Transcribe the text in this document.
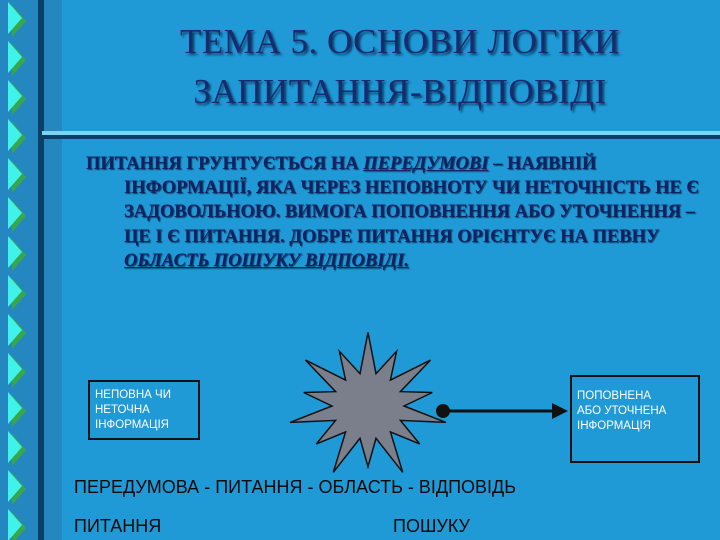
ТЕМА 5. ОСНОВИ ЛОГІКИ
ЗАПИТАННЯ-ВІДПОВІДІ
ПИТАННЯ ГРУНТУЄТЬСЯ НА ПЕРЕДУМОВІ – НАЯВНІЙ ІНФОРМАЦІЇ, ЯКА ЧЕРЕЗ НЕПОВНОТУ ЧИ НЕТОЧНІСТЬ НЕ Є ЗАДОВОЛЬНОЮ. ВИМОГА ПОПОВНЕННЯ АБО УТОЧНЕННЯ – ЦЕ І Є ПИТАННЯ. ДОБРЕ ПИТАННЯ ОРІЄНТУЄ НА ПЕВНУ ОБЛАСТЬ ПОШУКУ ВІДПОВІДІ.
НЕПОВНА ЧИ
НЕТОЧНА
ІНФОРМАЦІЯ
ПОПОВНЕНА
АБО УТОЧНЕНА
ІНФОРМАЦІЯ
ПЕРЕДУМОВА - ПИТАННЯ - ОБЛАСТЬ - ВІДПОВІДЬ
ПИТАННЯ	ПОШУКУ
